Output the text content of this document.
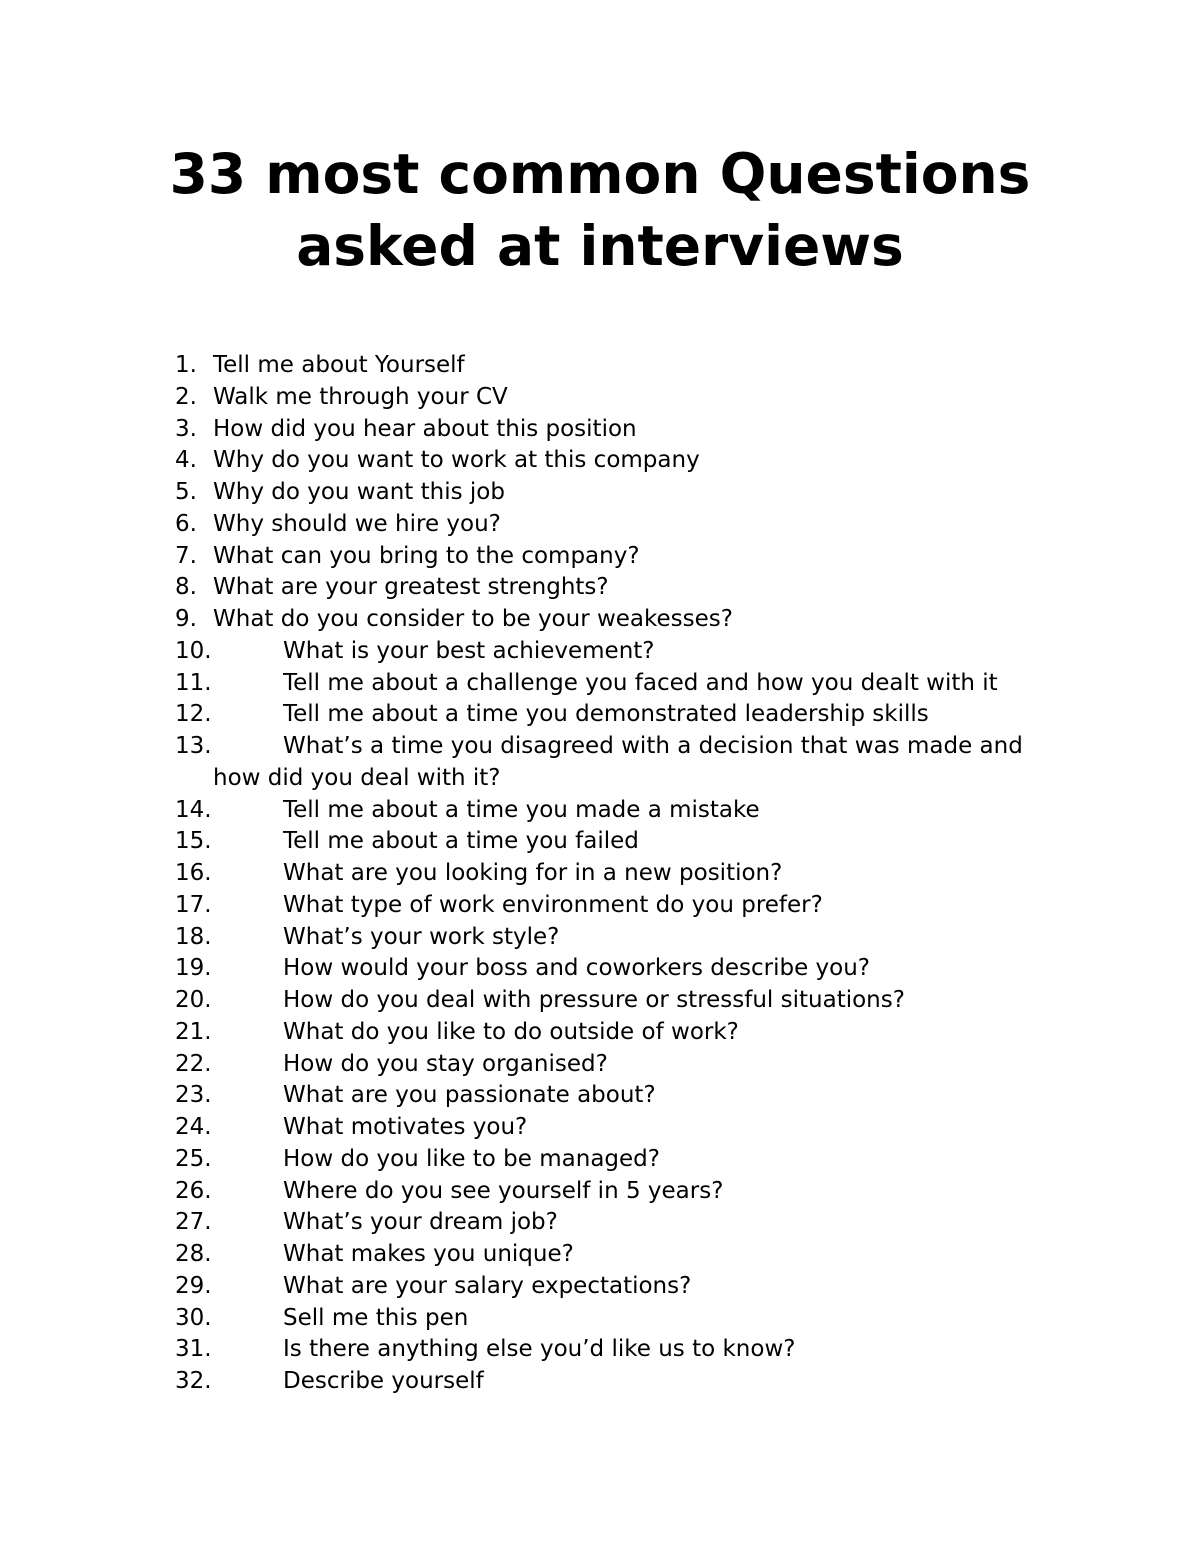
33 most common Questions
asked at interviews
1. Tell me about Yourself
2. Walk me through your CV
3. How did you hear about this position
4. Why do you want to work at this company
5. Why do you want this job
6. Why should we hire you?
7. What can you bring to the company?
8. What are your greatest strenghts?
9. What do you consider to be your weakesses?
10.	What is your best achievement?
11.	Tell me about a challenge you faced and how you dealt with it
12.	Tell me about a time you demonstrated leadership skills
13.	What’s a time you disagreed with a decision that was made and
how did you deal with it?
14.	Tell me about a time you made a mistake
15.	Tell me about a time you failed
16.	What are you looking for in a new position?
17.	What type of work environment do you prefer?
18.	What’s your work style?
19.	How would your boss and coworkers describe you?
20.	How do you deal with pressure or stressful situations?
21.	What do you like to do outside of work?
22.	How do you stay organised?
23.	What are you passionate about?
24.	What motivates you?
25.	How do you like to be managed?
26.	Where do you see yourself in 5 years?
27.	What’s your dream job?
28.	What makes you unique?
29.	What are your salary expectations?
30.	Sell me this pen
31.	Is there anything else you’d like us to know?
32.	Describe yourself
